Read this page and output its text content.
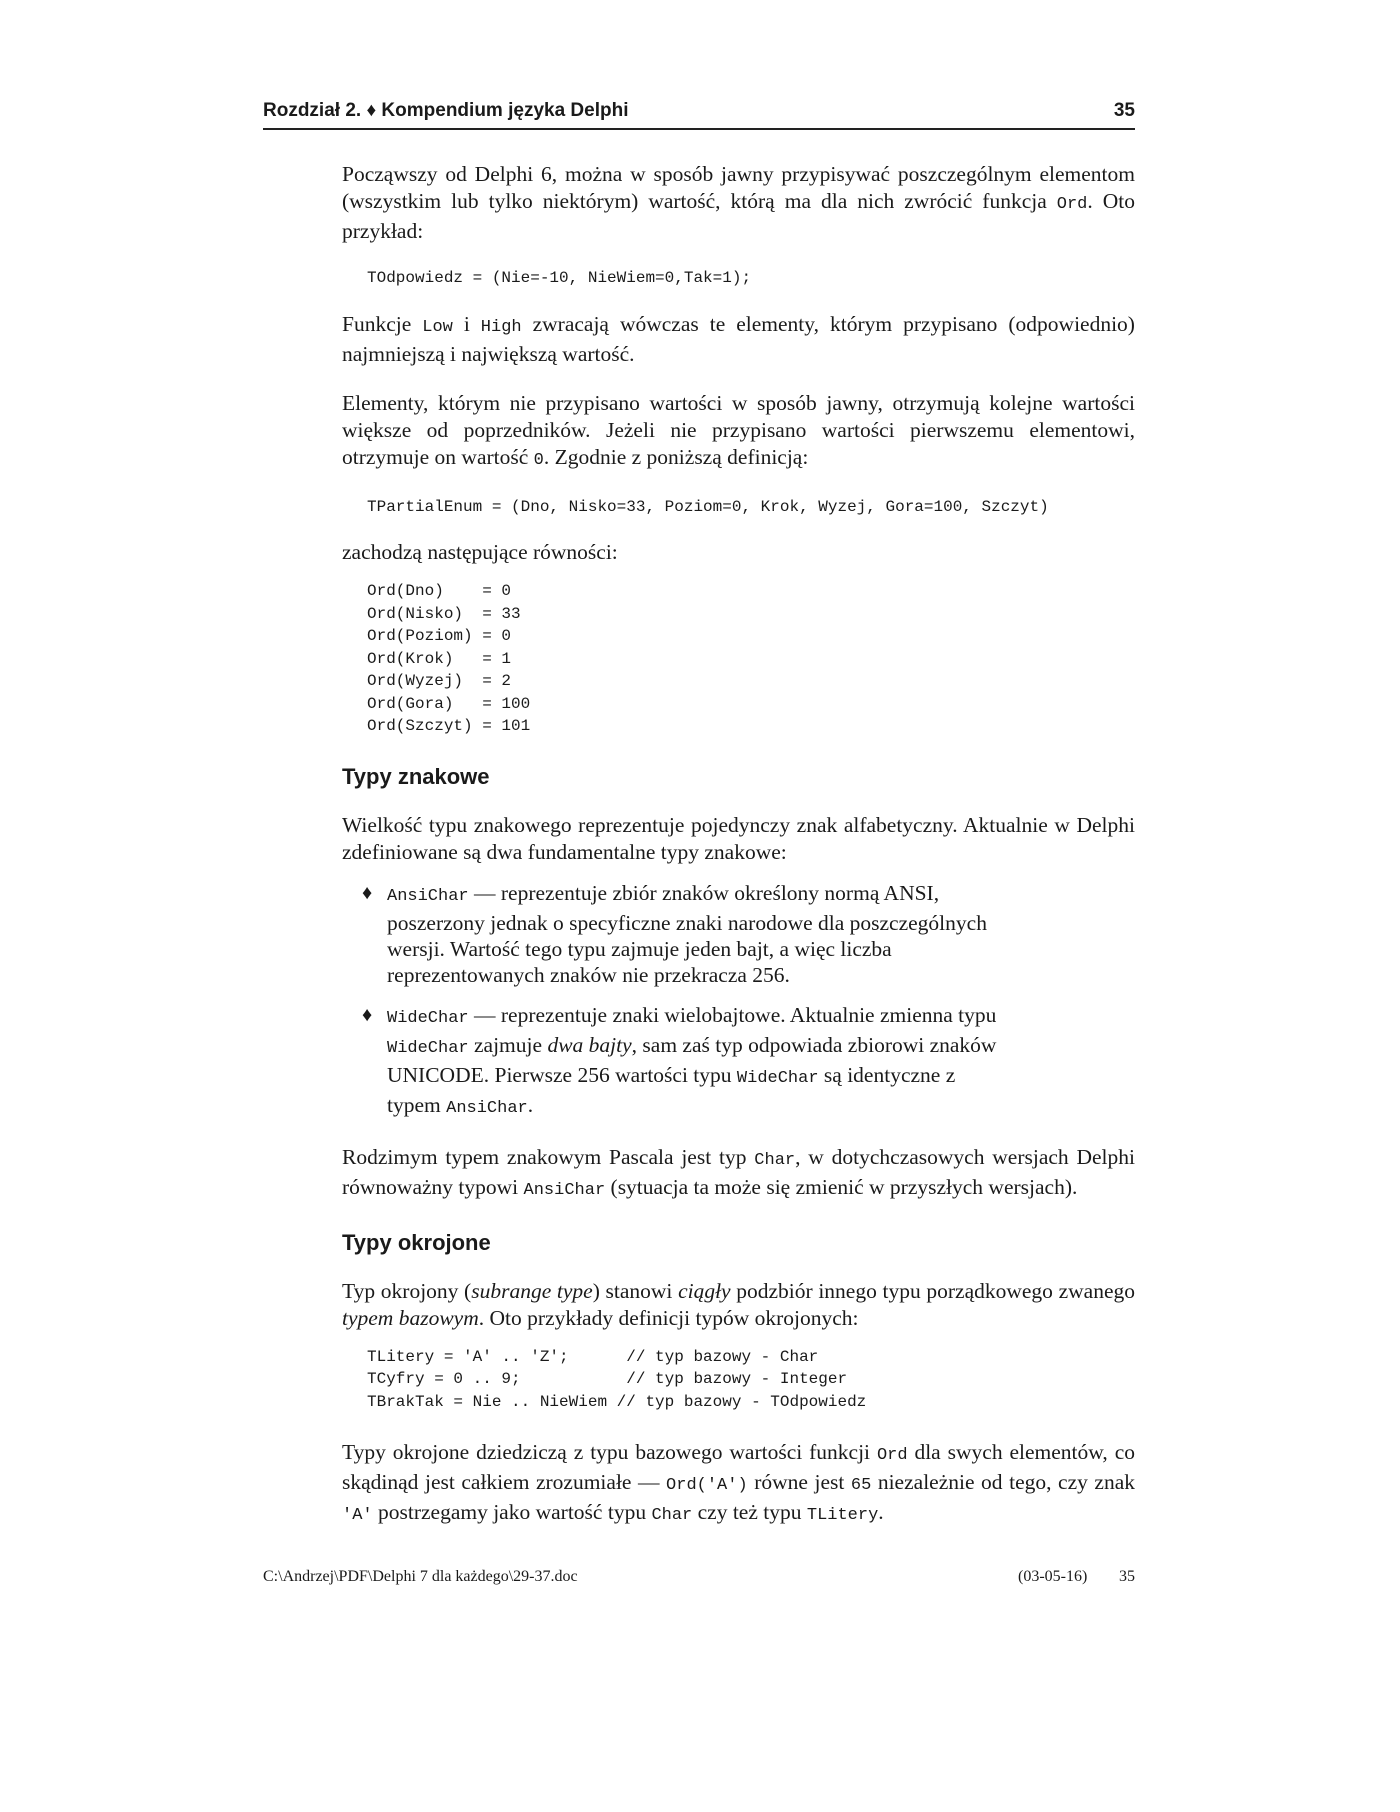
Rozdział 2. ♦ Kompendium języka Delphi	35

Począwszy od Delphi 6, można w sposób jawny przypisywać poszczególnym elementom (wszystkim lub tylko niektórym) wartość, którą ma dla nich zwrócić funkcja Ord. Oto przykład:

TOdpowiedz = (Nie=-10, NieWiem=0,Tak=1);

Funkcje Low i High zwracają wówczas te elementy, którym przypisano (odpowiednio) najmniejszą i największą wartość.

Elementy, którym nie przypisano wartości w sposób jawny, otrzymują kolejne wartości większe od poprzedników. Jeżeli nie przypisano wartości pierwszemu elementowi, otrzymuje on wartość 0. Zgodnie z poniższą definicją:

TPartialEnum = (Dno, Nisko=33, Poziom=0, Krok, Wyzej, Gora=100, Szczyt)

zachodzą następujące równości:

Ord(Dno)    = 0
Ord(Nisko)  = 33
Ord(Poziom) = 0
Ord(Krok)   = 1
Ord(Wyzej)  = 2
Ord(Gora)   = 100
Ord(Szczyt) = 101
Typy znakowe

Wielkość typu znakowego reprezentuje pojedynczy znak alfabetyczny. Aktualnie w Delphi zdefiniowane są dwa fundamentalne typy znakowe:

♦ AnsiChar — reprezentuje zbiór znaków określony normą ANSI, poszerzony jednak o specyficzne znaki narodowe dla poszczególnych wersji. Wartość tego typu zajmuje jeden bajt, a więc liczba reprezentowanych znaków nie przekracza 256.
♦ WideChar — reprezentuje znaki wielobajtowe. Aktualnie zmienna typu WideChar zajmuje dwa bajty, sam zaś typ odpowiada zbiorowi znaków UNICODE. Pierwsze 256 wartości typu WideChar są identyczne z typem AnsiChar.

Rodzimym typem znakowym Pascala jest typ Char, w dotychczasowych wersjach Delphi równoważny typowi AnsiChar (sytuacja ta może się zmienić w przyszłych wersjach).

Typy okrojone

Typ okrojony (subrange type) stanowi ciągły podzbiór innego typu porządkowego zwanego typem bazowym. Oto przykłady definicji typów okrojonych:

TLitery = 'A' .. 'Z';      // typ bazowy - Char
TCyfry = 0 .. 9;           // typ bazowy - Integer
TBrakTak = Nie .. NieWiem // typ bazowy - TOdpowiedz

Typy okrojone dziedziczą z typu bazowego wartości funkcji Ord dla swych elementów, co skądinąd jest całkiem zrozumiałe — Ord('A') równe jest 65 niezależnie od tego, czy znak 'A' postrzegamy jako wartość typu Char czy też typu TLitery.

C:\Andrzej\PDF\Delphi 7 dla każdego\29-37.doc	(03-05-16) 35
